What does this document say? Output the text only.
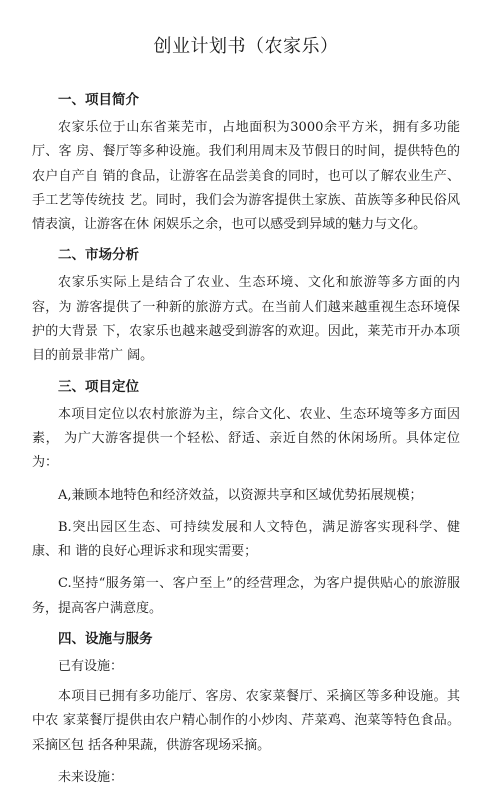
创业计划书（农家乐）
一、项目简介

农家乐位于山东省莱芜市，占地面积为3000余平方米，拥有多功能厅、客 房、餐厅等多种设施。我们利用周末及节假日的时间，提供特色的农户自产自 销的食品，让游客在品尝美食的同时，也可以了解农业生产、手工艺等传统技 艺。同时，我们会为游客提供土家族、苗族等多种民俗风情表演，让游客在休 闲娱乐之余，也可以感受到异域的魅力与文化。

二、市场分析

农家乐实际上是结合了农业、生态环境、文化和旅游等多方面的内容，为 游客提供了一种新的旅游方式。在当前人们越来越重视生态环境保护的大背景 下，农家乐也越来越受到游客的欢迎。因此，莱芜市开办本项目的前景非常广 阔。

三、项目定位

本项目定位以农村旅游为主，综合文化、农业、生态环境等多方面因素， 为广大游客提供一个轻松、舒适、亲近自然的休闲场所。具体定位为：

A,兼顾本地特色和经济效益，以资源共享和区域优势拓展规模；

B.突出园区生态、可持续发展和人文特色，满足游客实现科学、健康、和 谐的良好心理诉求和现实需要；

C.坚持“服务第一、客户至上”的经营理念，为客户提供贴心的旅游服务，提高客户满意度。

四、设施与服务
已有设施：

本项目已拥有多功能厅、客房、农家菜餐厅、采摘区等多种设施。其中农 家菜餐厅提供由农户精心制作的小炒肉、芹菜鸡、泡菜等特色食品。采摘区包 括各种果蔬，供游客现场采摘。

未来设施：
